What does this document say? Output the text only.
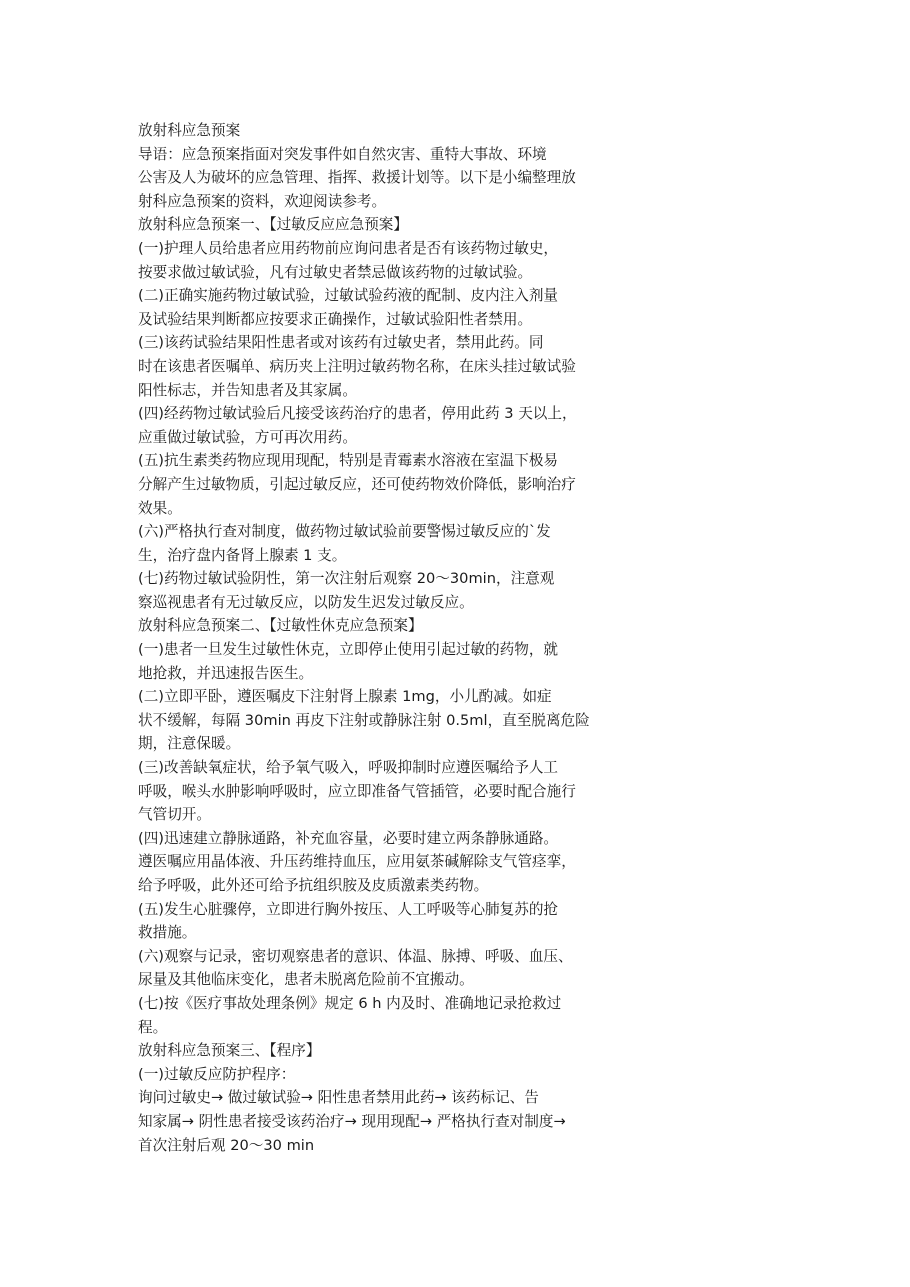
放射科应急预案
导语：应急预案指面对突发事件如自然灾害、重特大事故、环境
公害及人为破坏的应急管理、指挥、救援计划等。以下是小编整理放
射科应急预案的资料，欢迎阅读参考。
放射科应急预案一、【过敏反应应急预案】
(一)护理人员给患者应用药物前应询问患者是否有该药物过敏史，
按要求做过敏试验，凡有过敏史者禁忌做该药物的过敏试验。
(二)正确实施药物过敏试验，过敏试验药液的配制、皮内注入剂量
及试验结果判断都应按要求正确操作，过敏试验阳性者禁用。
(三)该药试验结果阳性患者或对该药有过敏史者，禁用此药。同
时在该患者医嘱单、病历夹上注明过敏药物名称，在床头挂过敏试验
阳性标志，并告知患者及其家属。
(四)经药物过敏试验后凡接受该药治疗的患者，停用此药 3 天以上，
应重做过敏试验，方可再次用药。
(五)抗生素类药物应现用现配，特别是青霉素水溶液在室温下极易
分解产生过敏物质，引起过敏反应，还可使药物效价降低，影响治疗
效果。
(六)严格执行查对制度，做药物过敏试验前要警惕过敏反应的`发
生，治疗盘内备肾上腺素 1 支。
(七)药物过敏试验阴性，第一次注射后观察 20～30min，注意观
察巡视患者有无过敏反应，以防发生迟发过敏反应。
放射科应急预案二、【过敏性休克应急预案】
(一)患者一旦发生过敏性休克，立即停止使用引起过敏的药物，就
地抢救，并迅速报告医生。
(二)立即平卧，遵医嘱皮下注射肾上腺素 1mg，小儿酌减。如症
状不缓解，每隔 30min 再皮下注射或静脉注射 0.5ml，直至脱离危险
期，注意保暖。
(三)改善缺氧症状，给予氧气吸入，呼吸抑制时应遵医嘱给予人工
呼吸，喉头水肿影响呼吸时，应立即准备气管插管，必要时配合施行
气管切开。
(四)迅速建立静脉通路，补充血容量，必要时建立两条静脉通路。
遵医嘱应用晶体液、升压药维持血压，应用氨茶碱解除支气管痉挛，
给予呼吸，此外还可给予抗组织胺及皮质激素类药物。
(五)发生心脏骤停，立即进行胸外按压、人工呼吸等心肺复苏的抢
救措施。
(六)观察与记录，密切观察患者的意识、体温、脉搏、呼吸、血压、
尿量及其他临床变化，患者未脱离危险前不宜搬动。
(七)按《医疗事故处理条例》规定 6 h 内及时、准确地记录抢救过
程。
放射科应急预案三、【程序】
(一)过敏反应防护程序：
询问过敏史→ 做过敏试验→ 阳性患者禁用此药→ 该药标记、告
知家属→ 阴性患者接受该药治疗→ 现用现配→ 严格执行查对制度→
首次注射后观 20～30 min
